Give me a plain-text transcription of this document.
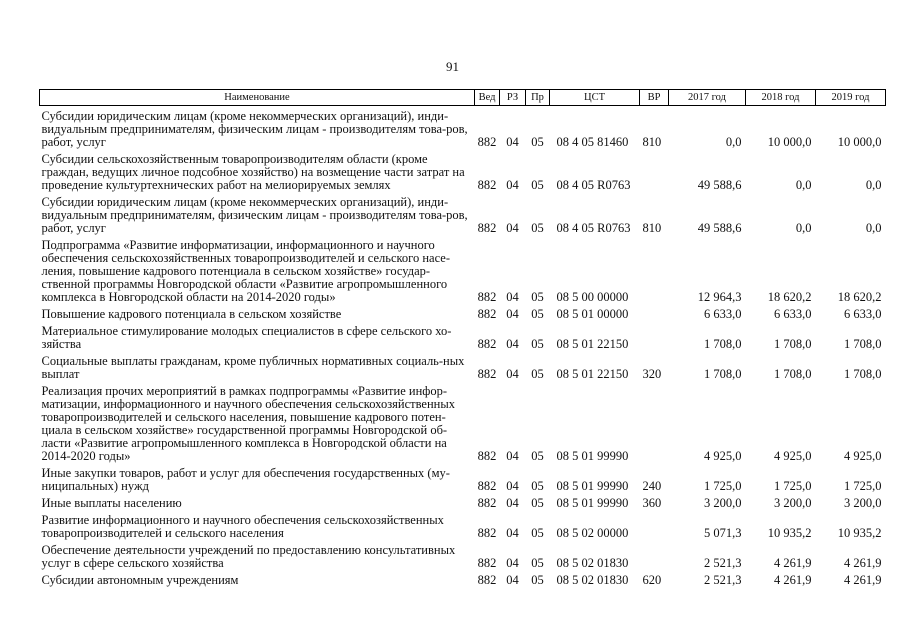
91
Наименование	Вед	РЗ	Пр	ЦСТ	ВР	2017 год	2018 год	2019 год
Субсидии юридическим лицам (кроме некоммерческих организаций), инди-видуальным предпринимателям, физическим лицам - производителям това-ров, работ, услуг	882	04	05	08 4 05 81460	810	0,0	10 000,0	10 000,0
Субсидии сельскохозяйственным товаропроизводителям области (кроме граждан, ведущих личное подсобное хозяйство) на возмещение части затрат на проведение культуртехнических работ на мелиорируемых землях	882	04	05	08 4 05 R0763		49 588,6	0,0	0,0
Субсидии юридическим лицам (кроме некоммерческих организаций), инди-видуальным предпринимателям, физическим лицам - производителям това-ров, работ, услуг	882	04	05	08 4 05 R0763	810	49 588,6	0,0	0,0
Подпрограмма «Развитие информатизации, информационного и научного обеспечения сельскохозяйственных товаропроизводителей и сельского насе-ления, повышение кадрового потенциала в сельском хозяйстве» государ-ственной программы Новгородской области «Развитие агропромышленного комплекса в Новгородской области на 2014-2020 годы»	882	04	05	08 5 00 00000		12 964,3	18 620,2	18 620,2
Повышение кадрового потенциала в сельском хозяйстве	882	04	05	08 5 01 00000		6 633,0	6 633,0	6 633,0
Материальное стимулирование молодых специалистов в сфере сельского хо-зяйства	882	04	05	08 5 01 22150		1 708,0	1 708,0	1 708,0
Социальные выплаты гражданам, кроме публичных нормативных социаль-ных выплат	882	04	05	08 5 01 22150	320	1 708,0	1 708,0	1 708,0
Реализация прочих мероприятий в рамках подпрограммы «Развитие инфор-матизации, информационного и научного обеспечения сельскохозяйственных товаропроизводителей и сельского населения, повышение кадрового потен-циала в сельском хозяйстве» государственной программы Новгородской об-ласти «Развитие агропромышленного комплекса в Новгородской области на 2014-2020 годы»	882	04	05	08 5 01 99990		4 925,0	4 925,0	4 925,0
Иные закупки товаров, работ и услуг для обеспечения государственных (му-ниципальных) нужд	882	04	05	08 5 01 99990	240	1 725,0	1 725,0	1 725,0
Иные выплаты населению	882	04	05	08 5 01 99990	360	3 200,0	3 200,0	3 200,0
Развитие информационного и научного обеспечения сельскохозяйственных товаропроизводителей и сельского населения	882	04	05	08 5 02 00000		5 071,3	10 935,2	10 935,2
Обеспечение деятельности учреждений по предоставлению консультативных услуг в сфере сельского хозяйства	882	04	05	08 5 02 01830		2 521,3	4 261,9	4 261,9
Субсидии автономным учреждениям	882	04	05	08 5 02 01830	620	2 521,3	4 261,9	4 261,9
